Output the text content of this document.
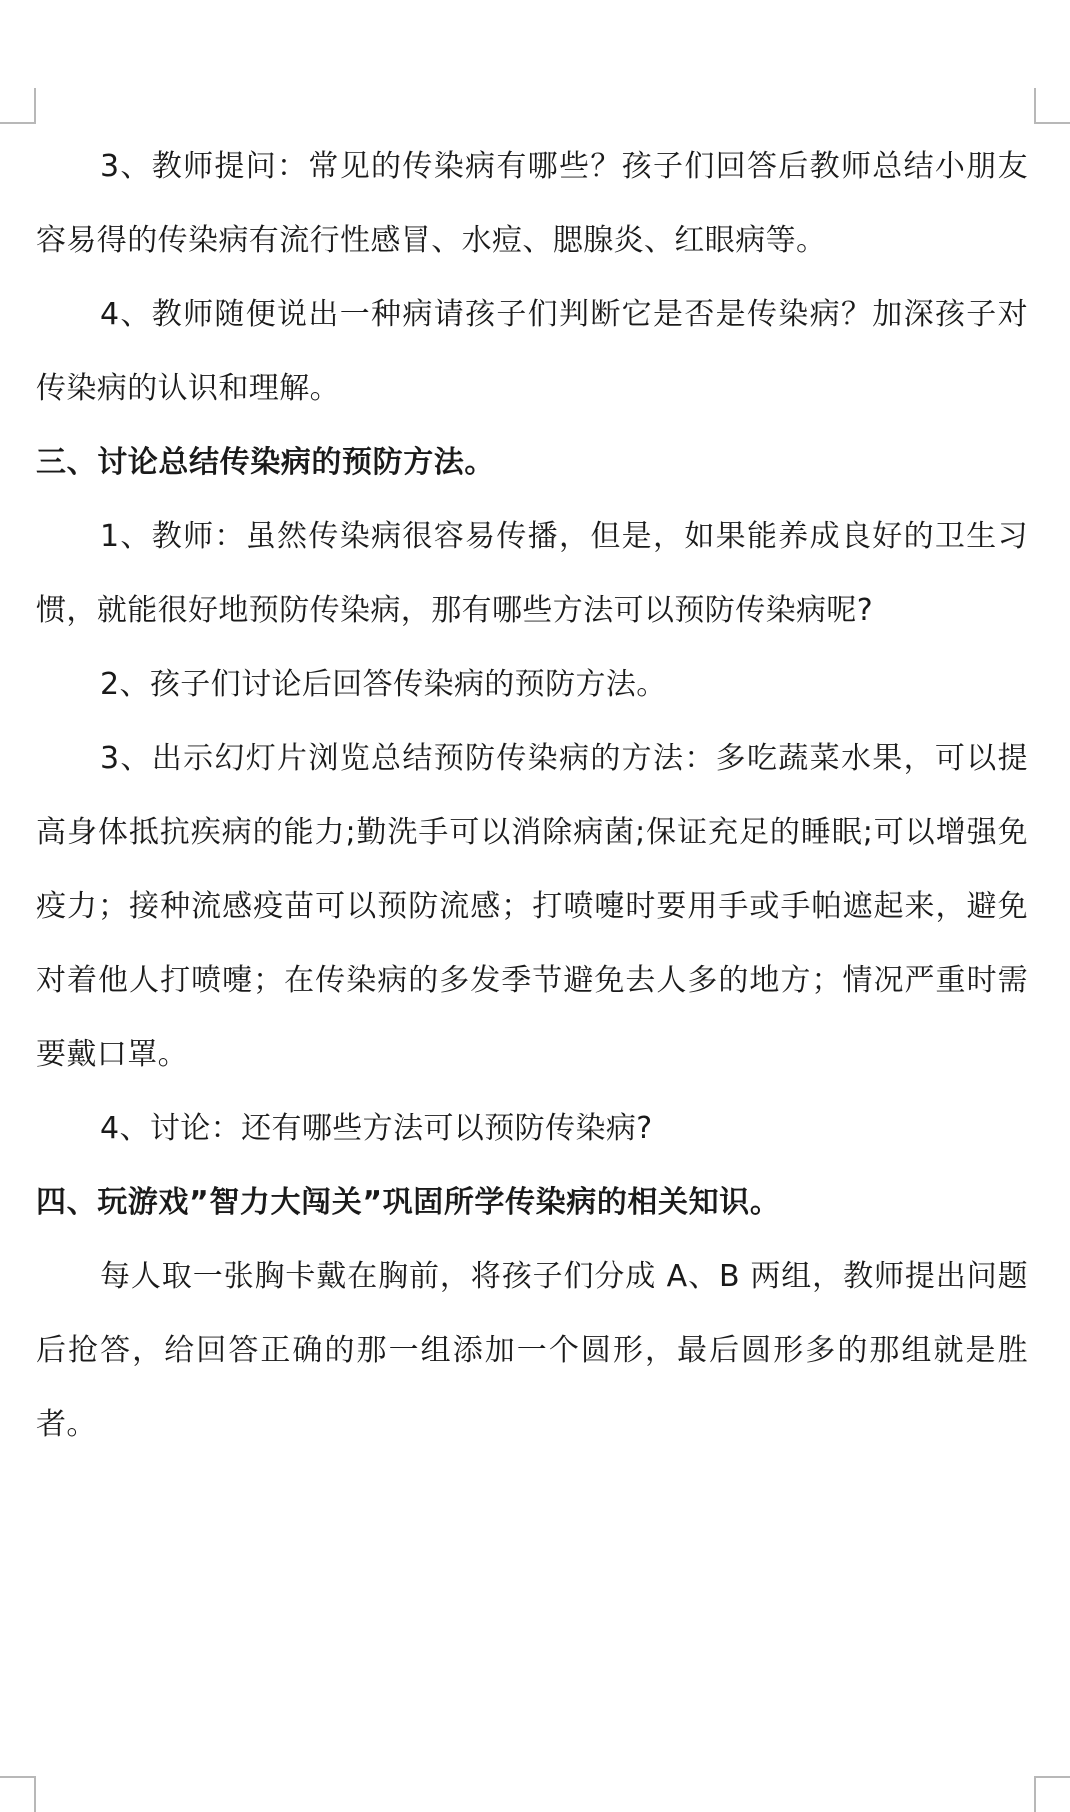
3、教师提问：常见的传染病有哪些？孩子们回答后教师总结小朋友容易得的传染病有流行性感冒、水痘、腮腺炎、红眼病等。

4、教师随便说出一种病请孩子们判断它是否是传染病？加深孩子对传染病的认识和理解。

三、讨论总结传染病的预防方法。

1、教师：虽然传染病很容易传播，但是，如果能养成良好的卫生习惯，就能很好地预防传染病，那有哪些方法可以预防传染病呢?

2、孩子们讨论后回答传染病的预防方法。

3、出示幻灯片浏览总结预防传染病的方法：多吃蔬菜水果，可以提高身体抵抗疾病的能力;勤洗手可以消除病菌;保证充足的睡眠;可以增强免疫力；接种流感疫苗可以预防流感；打喷嚏时要用手或手帕遮起来，避免对着他人打喷嚏；在传染病的多发季节避免去人多的地方；情况严重时需要戴口罩。

4、讨论：还有哪些方法可以预防传染病?

四、玩游戏”智力大闯关”巩固所学传染病的相关知识。

每人取一张胸卡戴在胸前，将孩子们分成 A、B 两组，教师提出问题后抢答，给回答正确的那一组添加一个圆形，最后圆形多的那组就是胜者。
